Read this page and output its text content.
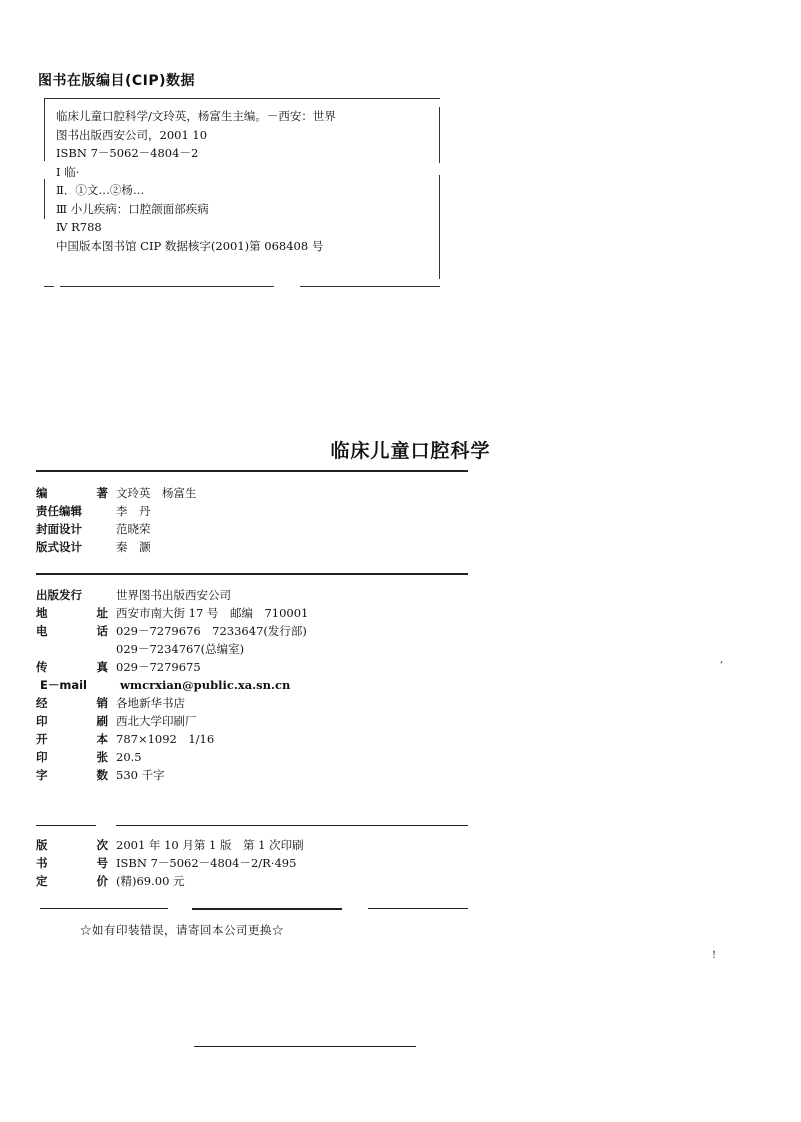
图书在版编目(CIP)数据
临床儿童口腔科学/文玲英，杨富生主编。－西安：世界
图书出版西安公司，2001 10
ISBN 7－5062－4804－2
Ⅰ 临·
Ⅱ．①文…②杨…
Ⅲ 小儿疾病：口腔颌面部疾病
Ⅳ R788
中国版本图书馆 CIP 数据核字(2001)第 068408 号
临床儿童口腔科学
编	著 文玲英　杨富生
责任编辑	李　丹
封面设计	范晓荣
版式设计	秦　灏
出版发行	世界图书出版西安公司
地	址 西安市南大街 17 号　邮编　710001
电	话 029－7279676　7233647(发行部)
029－7234767(总编室)
传	真 029－7279675
E－mail	wmcrxian@public.xa.sn.cn
经	销 各地新华书店
印	刷 西北大学印刷厂
开	本 787×1092　1/16
印	张 20.5
字	数 530 千字
版	次 2001 年 10 月第 1 版　第 1 次印刷
书	号 ISBN 7－5062－4804－2/R·495
定	价 (精)69.00 元
☆如有印装错误，请寄回本公司更换☆
,
!
